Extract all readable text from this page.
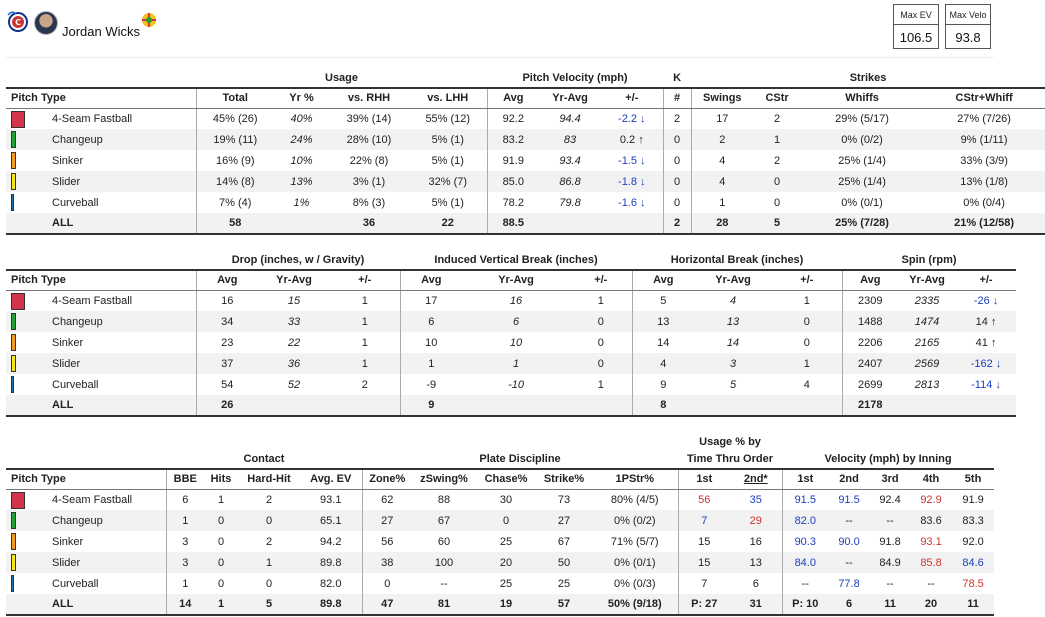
C
Jordan Wicks
Max EV
106.5
Max Velo
93.8
	Usage				Pitch Velocity (mph)			K	Strikes			
Pitch Type	Total	Yr %	vs. RHH	vs. LHH	Avg	Yr-Avg	+/-	#	Swings	CStr	Whiffs	CStr+Whiff

4-Seam Fastball	45% (26)	40%	39% (14)	55% (12)	92.2	94.4	-2.2 ↓	2	17	2	29% (5/17)	27% (7/26)

Changeup	19% (11)	24%	28% (10)	5% (1)	83.2	83	0.2 ↑	0	2	1	0% (0/2)	9% (1/11)

Sinker	16% (9)	10%	22% (8)	5% (1)	91.9	93.4	-1.5 ↓	0	4	2	25% (1/4)	33% (3/9)

Slider	14% (8)	13%	3% (1)	32% (7)	85.0	86.8	-1.8 ↓	0	4	0	25% (1/4)	13% (1/8)

Curveball	7% (4)	1%	8% (3)	5% (1)	78.2	79.8	-1.6 ↓	0	1	0	0% (0/1)	0% (0/4)
ALL	58		36	22	88.5			2	28	5	25% (7/28)	21% (12/58)
	Drop (inches, w / Gravity)			Induced Vertical Break (inches)			Horizontal Break (inches)			Spin (rpm)		
Pitch Type	Avg	Yr-Avg	+/-	Avg	Yr-Avg	+/-	Avg	Yr-Avg	+/-	Avg	Yr-Avg	+/-

4-Seam Fastball	16	15	1	17	16	1	5	4	1	2309	2335	-26 ↓

Changeup	34	33	1	6	6	0	13	13	0	1488	1474	14 ↑

Sinker	23	22	1	10	10	0	14	14	0	2206	2165	41 ↑

Slider	37	36	1	1	1	0	4	3	1	2407	2569	-162 ↓

Curveball	54	52	2	-9	-10	1	9	5	4	2699	2813	-114 ↓
ALL	26			9			8			2178		
										Usage % by						
	Contact				Plate Discipline					Time Thru Order		Velocity (mph) by Inning				
Pitch Type	BBE	Hits	Hard-Hit	Avg. EV	Zone%	zSwing%	Chase%	Strike%	1PStr%	1st	2nd*	1st	2nd	3rd	4th	5th

4-Seam Fastball	6	1	2	93.1	62	88	30	73	80% (4/5)	56	35	91.5	91.5	92.4	92.9	91.9

Changeup	1	0	0	65.1	27	67	0	27	0% (0/2)	7	29	82.0	--	--	83.6	83.3

Sinker	3	0	2	94.2	56	60	25	67	71% (5/7)	15	16	90.3	90.0	91.8	93.1	92.0

Slider	3	0	1	89.8	38	100	20	50	0% (0/1)	15	13	84.0	--	84.9	85.8	84.6

Curveball	1	0	0	82.0	0	--	25	25	0% (0/3)	7	6	--	77.8	--	--	78.5
ALL	14	1	5	89.8	47	81	19	57	50% (9/18)	P: 27	31	P: 10	6	11	20	11
